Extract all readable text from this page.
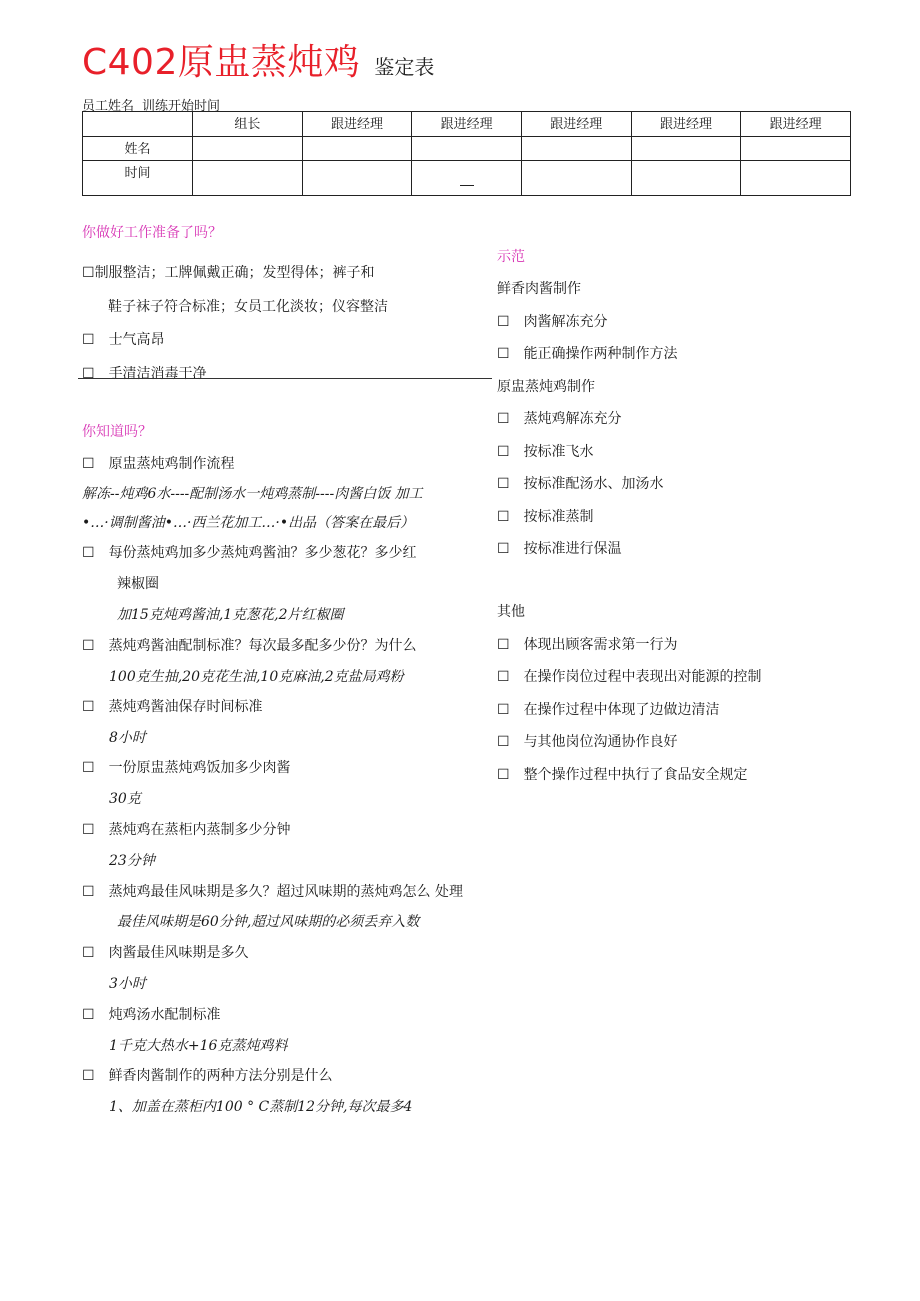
C402原盅蒸炖鸡 鉴定表
员工姓名 训练开始时间
	组长	跟进经理	跟进经理	跟进经理	跟进经理	跟进经理
姓名						
时间			

你做好工作准备了吗？
☐制服整洁；工牌佩戴正确；发型得体；裤子和
鞋子袜子符合标准；女员工化淡妆；仪容整洁
☐ 士气高昂
☐ 手清洁消毒干净
你知道吗？
☐ 原盅蒸炖鸡制作流程
解冻--炖鸡6水----配制汤水一炖鸡蒸制----肉酱白饭 加工
•…·调制酱油•…·西兰花加工…·•出品（答案在最后）
☐ 每份蒸炖鸡加多少蒸炖鸡酱油？多少葱花？多少红
辣椒圈
加15克炖鸡酱油,1克葱花,2片红椒圈
☐ 蒸炖鸡酱油配制标准？每次最多配多少份？为什么
100克生抽,20克花生油,10克麻油,2克盐局鸡粉
☐ 蒸炖鸡酱油保存时间标准
8小时
☐ 一份原盅蒸炖鸡饭加多少肉酱
30克
☐ 蒸炖鸡在蒸柜内蒸制多少分钟
23分钟
☐ 蒸炖鸡最佳风味期是多久？超过风味期的蒸炖鸡怎么 处理
最佳风味期是60分钟,超过风味期的必须丢弃入数
☐ 肉酱最佳风味期是多久
3小时
☐ 炖鸡汤水配制标准
1千克大热水+16克蒸炖鸡料
☐ 鲜香肉酱制作的两种方法分别是什么
1、加盖在蒸柜内100 ° C蒸制12分钟,每次最多4
示范
鲜香肉酱制作
☐ 肉酱解冻充分
☐ 能正确操作两种制作方法
原盅蒸炖鸡制作
☐ 蒸炖鸡解冻充分
☐ 按标准飞水
☐ 按标准配汤水、加汤水
☐ 按标准蒸制
☐ 按标准进行保温
其他
☐ 体现出顾客需求第一行为
☐ 在操作岗位过程中表现出对能源的控制
☐ 在操作过程中体现了边做边清洁
☐ 与其他岗位沟通协作良好
☐ 整个操作过程中执行了食品安全规定
